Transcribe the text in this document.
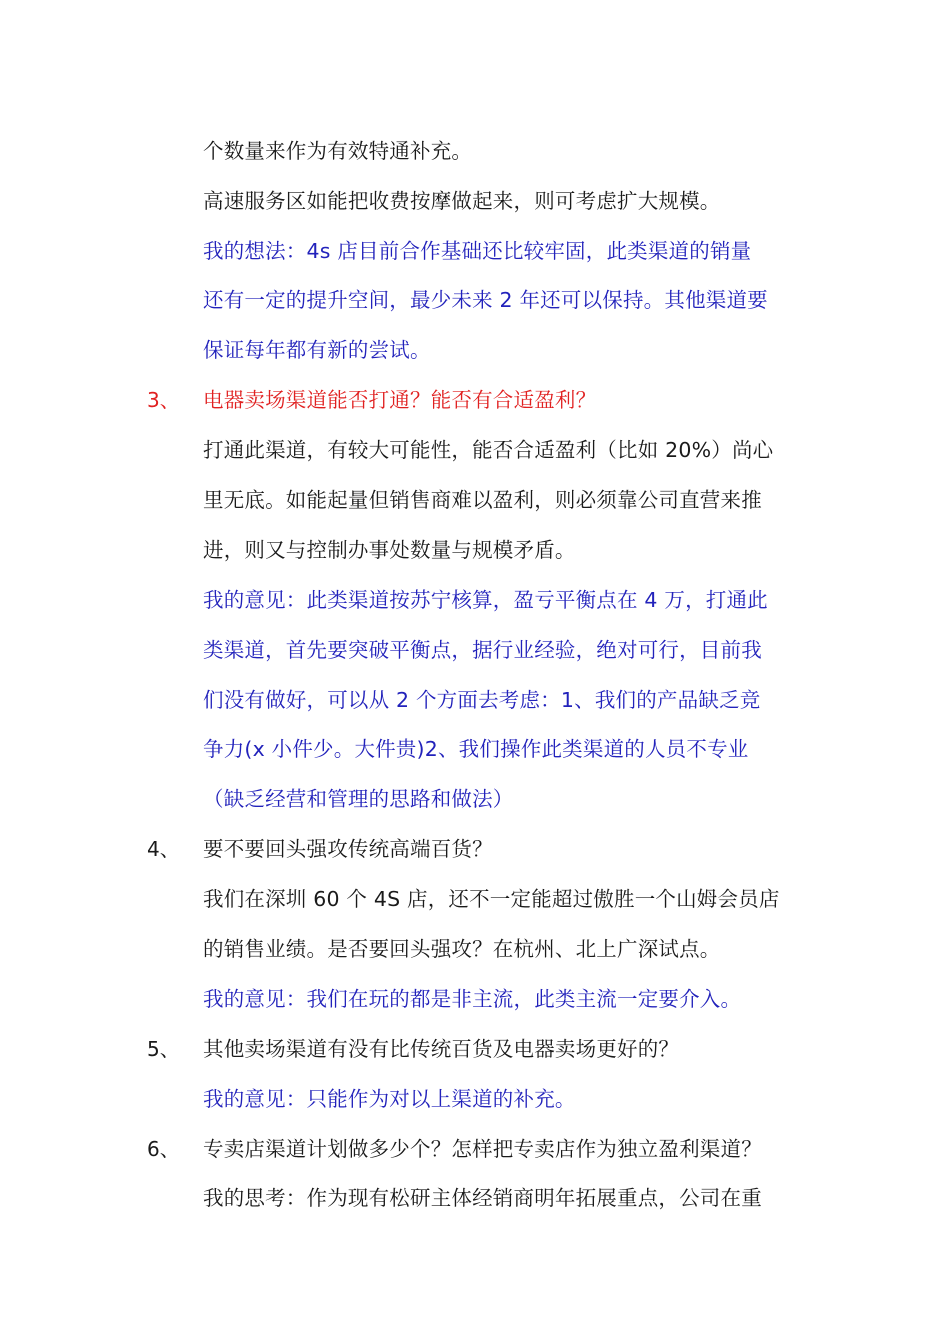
个数量来作为有效特通补充。
高速服务区如能把收费按摩做起来，则可考虑扩大规模。
我的想法：4s 店目前合作基础还比较牢固，此类渠道的销量
还有一定的提升空间，最少未来 2 年还可以保持。其他渠道要
保证每年都有新的尝试。
3、 电器卖场渠道能否打通？能否有合适盈利？
打通此渠道，有较大可能性，能否合适盈利（比如 20%）尚心
里无底。如能起量但销售商难以盈利，则必须靠公司直营来推
进，则又与控制办事处数量与规模矛盾。
我的意见：此类渠道按苏宁核算，盈亏平衡点在 4 万，打通此
类渠道，首先要突破平衡点，据行业经验，绝对可行，目前我
们没有做好，可以从 2 个方面去考虑：1、我们的产品缺乏竞
争力(x 小件少。大件贵)2、我们操作此类渠道的人员不专业
（缺乏经营和管理的思路和做法）
4、 要不要回头强攻传统高端百货？
我们在深圳 60 个 4S 店，还不一定能超过傲胜一个山姆会员店
的销售业绩。是否要回头强攻？在杭州、北上广深试点。
我的意见：我们在玩的都是非主流，此类主流一定要介入。
5、 其他卖场渠道有没有比传统百货及电器卖场更好的？
我的意见：只能作为对以上渠道的补充。
6、 专卖店渠道计划做多少个？怎样把专卖店作为独立盈利渠道？
我的思考：作为现有松研主体经销商明年拓展重点，公司在重
